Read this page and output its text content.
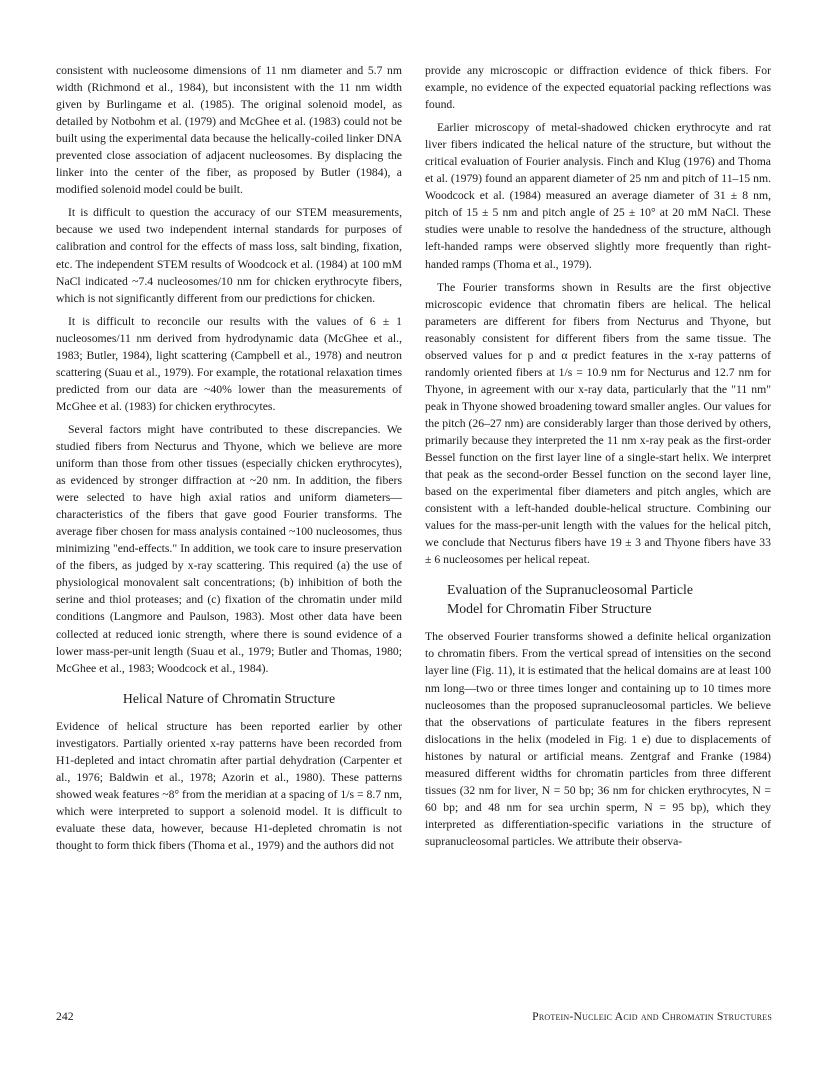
consistent with nucleosome dimensions of 11 nm diameter and 5.7 nm width (Richmond et al., 1984), but inconsistent with the 11 nm width given by Burlingame et al. (1985). The original solenoid model, as detailed by Notbohm et al. (1979) and McGhee et al. (1983) could not be built using the experimental data because the helically-coiled linker DNA prevented close association of adjacent nucleosomes. By displacing the linker into the center of the fiber, as proposed by Butler (1984), a modified solenoid model could be built.

It is difficult to question the accuracy of our STEM measurements, because we used two independent internal standards for purposes of calibration and control for the effects of mass loss, salt binding, fixation, etc. The independent STEM results of Woodcock et al. (1984) at 100 mM NaCl indicated ~7.4 nucleosomes/10 nm for chicken erythrocyte fibers, which is not significantly different from our predictions for chicken.

It is difficult to reconcile our results with the values of 6 ± 1 nucleosomes/11 nm derived from hydrodynamic data (McGhee et al., 1983; Butler, 1984), light scattering (Campbell et al., 1978) and neutron scattering (Suau et al., 1979). For example, the rotational relaxation times predicted from our data are ~40% lower than the measurements of McGhee et al. (1983) for chicken erythrocytes.

Several factors might have contributed to these discrepancies. We studied fibers from Necturus and Thyone, which we believe are more uniform than those from other tissues (especially chicken erythrocytes), as evidenced by stronger diffraction at ~20 nm. In addition, the fibers were selected to have high axial ratios and uniform diameters—characteristics of the fibers that gave good Fourier transforms. The average fiber chosen for mass analysis contained ~100 nucleosomes, thus minimizing "end-effects." In addition, we took care to insure preservation of the fibers, as judged by x-ray scattering. This required (a) the use of physiological monovalent salt concentrations; (b) inhibition of both the serine and thiol proteases; and (c) fixation of the chromatin under mild conditions (Langmore and Paulson, 1983). Most other data have been collected at reduced ionic strength, where there is sound evidence of a lower mass-per-unit length (Suau et al., 1979; Butler and Thomas, 1980; McGhee et al., 1983; Woodcock et al., 1984).

Helical Nature of Chromatin Structure

Evidence of helical structure has been reported earlier by other investigators. Partially oriented x-ray patterns have been recorded from H1-depleted and intact chromatin after partial dehydration (Carpenter et al., 1976; Baldwin et al., 1978; Azorin et al., 1980). These patterns showed weak features ~8° from the meridian at a spacing of 1/s = 8.7 nm, which were interpreted to support a solenoid model. It is difficult to evaluate these data, however, because H1-depleted chromatin is not thought to form thick fibers (Thoma et al., 1979) and the authors did not

provide any microscopic or diffraction evidence of thick fibers. For example, no evidence of the expected equatorial packing reflections was found.

Earlier microscopy of metal-shadowed chicken erythrocyte and rat liver fibers indicated the helical nature of the structure, but without the critical evaluation of Fourier analysis. Finch and Klug (1976) and Thoma et al. (1979) found an apparent diameter of 25 nm and pitch of 11–15 nm. Woodcock et al. (1984) measured an average diameter of 31 ± 8 nm, pitch of 15 ± 5 nm and pitch angle of 25 ± 10° at 20 mM NaCl. These studies were unable to resolve the handedness of the structure, although left-handed ramps were observed slightly more frequently than right-handed ramps (Thoma et al., 1979).

The Fourier transforms shown in Results are the first objective microscopic evidence that chromatin fibers are helical. The helical parameters are different for fibers from Necturus and Thyone, but reasonably consistent for different fibers from the same tissue. The observed values for p and α predict features in the x-ray patterns of randomly oriented fibers at 1/s = 10.9 nm for Necturus and 12.7 nm for Thyone, in agreement with our x-ray data, particularly that the "11 nm" peak in Thyone showed broadening toward smaller angles. Our values for the pitch (26–27 nm) are considerably larger than those derived by others, primarily because they interpreted the 11 nm x-ray peak as the first-order Bessel function on the first layer line of a single-start helix. We interpret that peak as the second-order Bessel function on the second layer line, based on the experimental fiber diameters and pitch angles, which are consistent with a left-handed double-helical structure. Combining our values for the mass-per-unit length with the values for the helical pitch, we conclude that Necturus fibers have 19 ± 3 and Thyone fibers have 33 ± 6 nucleosomes per helical repeat.

Evaluation of the Supranucleosomal Particle Model for Chromatin Fiber Structure

The observed Fourier transforms showed a definite helical organization to chromatin fibers. From the vertical spread of intensities on the second layer line (Fig. 11), it is estimated that the helical domains are at least 100 nm long—two or three times longer and containing up to 10 times more nucleosomes than the proposed supranucleosomal particles. We believe that the observations of particulate features in the fibers represent dislocations in the helix (modeled in Fig. 1 e) due to displacements of histones by natural or artificial means. Zentgraf and Franke (1984) measured different widths for chromatin particles from three different tissues (32 nm for liver, N = 50 bp; 36 nm for chicken erythrocytes, N = 60 bp; and 48 nm for sea urchin sperm, N = 95 bp), which they interpreted as differentiation-specific variations in the structure of supranucleosomal particles. We attribute their observa-

242	Protein-Nucleic Acid and Chromatin Structures
